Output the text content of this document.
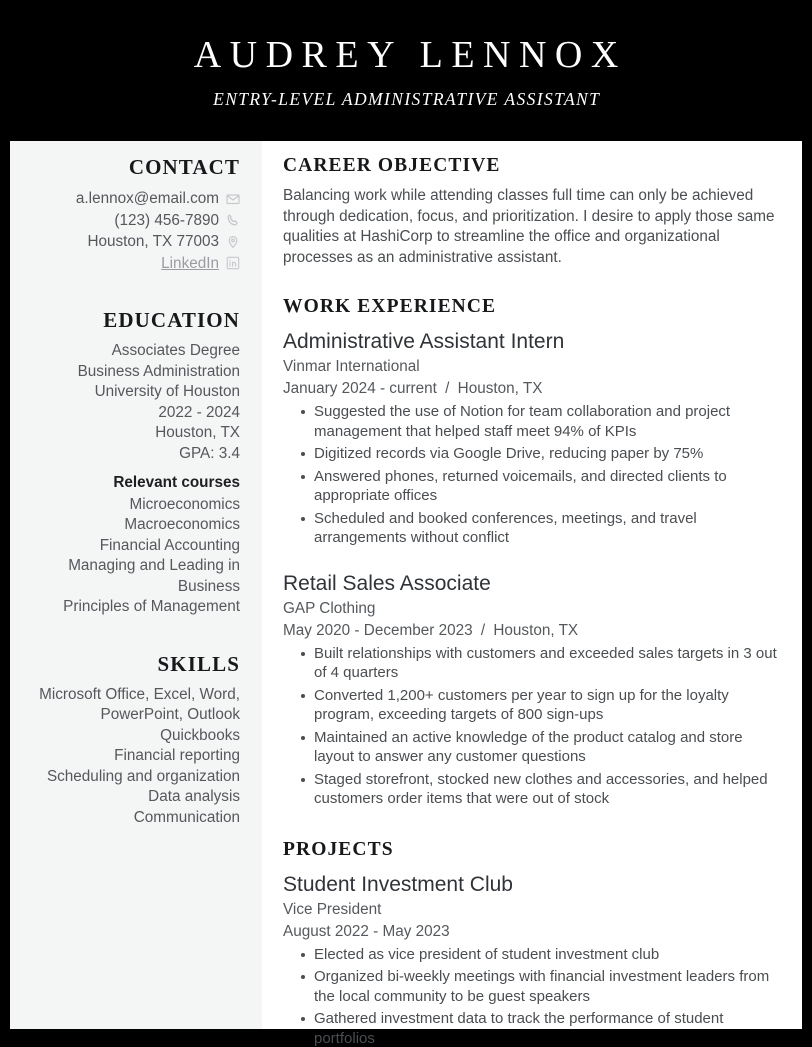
AUDREY LENNOX
ENTRY-LEVEL ADMINISTRATIVE ASSISTANT
CONTACT
a.lennox@email.com
(123) 456-7890
Houston, TX 77003
LinkedIn
EDUCATION
Associates Degree
Business Administration
University of Houston
2022 - 2024
Houston, TX
GPA: 3.4
Relevant courses
Microeconomics
Macroeconomics
Financial Accounting
Managing and Leading in Business
Principles of Management
SKILLS
Microsoft Office, Excel, Word, PowerPoint, Outlook
Quickbooks
Financial reporting
Scheduling and organization
Data analysis
Communication
CAREER OBJECTIVE

Balancing work while attending classes full time can only be achieved through dedication, focus, and prioritization. I desire to apply those same qualities at HashiCorp to streamline the office and organizational processes as an administrative assistant.

WORK EXPERIENCE
Administrative Assistant Intern
Vinmar International
January 2024 - current / Houston, TX
Suggested the use of Notion for team collaboration and project management that helped staff meet 94% of KPIs
Digitized records via Google Drive, reducing paper by 75%
Answered phones, returned voicemails, and directed clients to appropriate offices
Scheduled and booked conferences, meetings, and travel arrangements without conflict
Retail Sales Associate
GAP Clothing
May 2020 - December 2023 / Houston, TX
Built relationships with customers and exceeded sales targets in 3 out of 4 quarters
Converted 1,200+ customers per year to sign up for the loyalty program, exceeding targets of 800 sign-ups
Maintained an active knowledge of the product catalog and store layout to answer any customer questions
Staged storefront, stocked new clothes and accessories, and helped customers order items that were out of stock
PROJECTS
Student Investment Club
Vice President
August 2022 - May 2023
Elected as vice president of student investment club
Organized bi-weekly meetings with financial investment leaders from the local community to be guest speakers
Gathered investment data to track the performance of student portfolios
